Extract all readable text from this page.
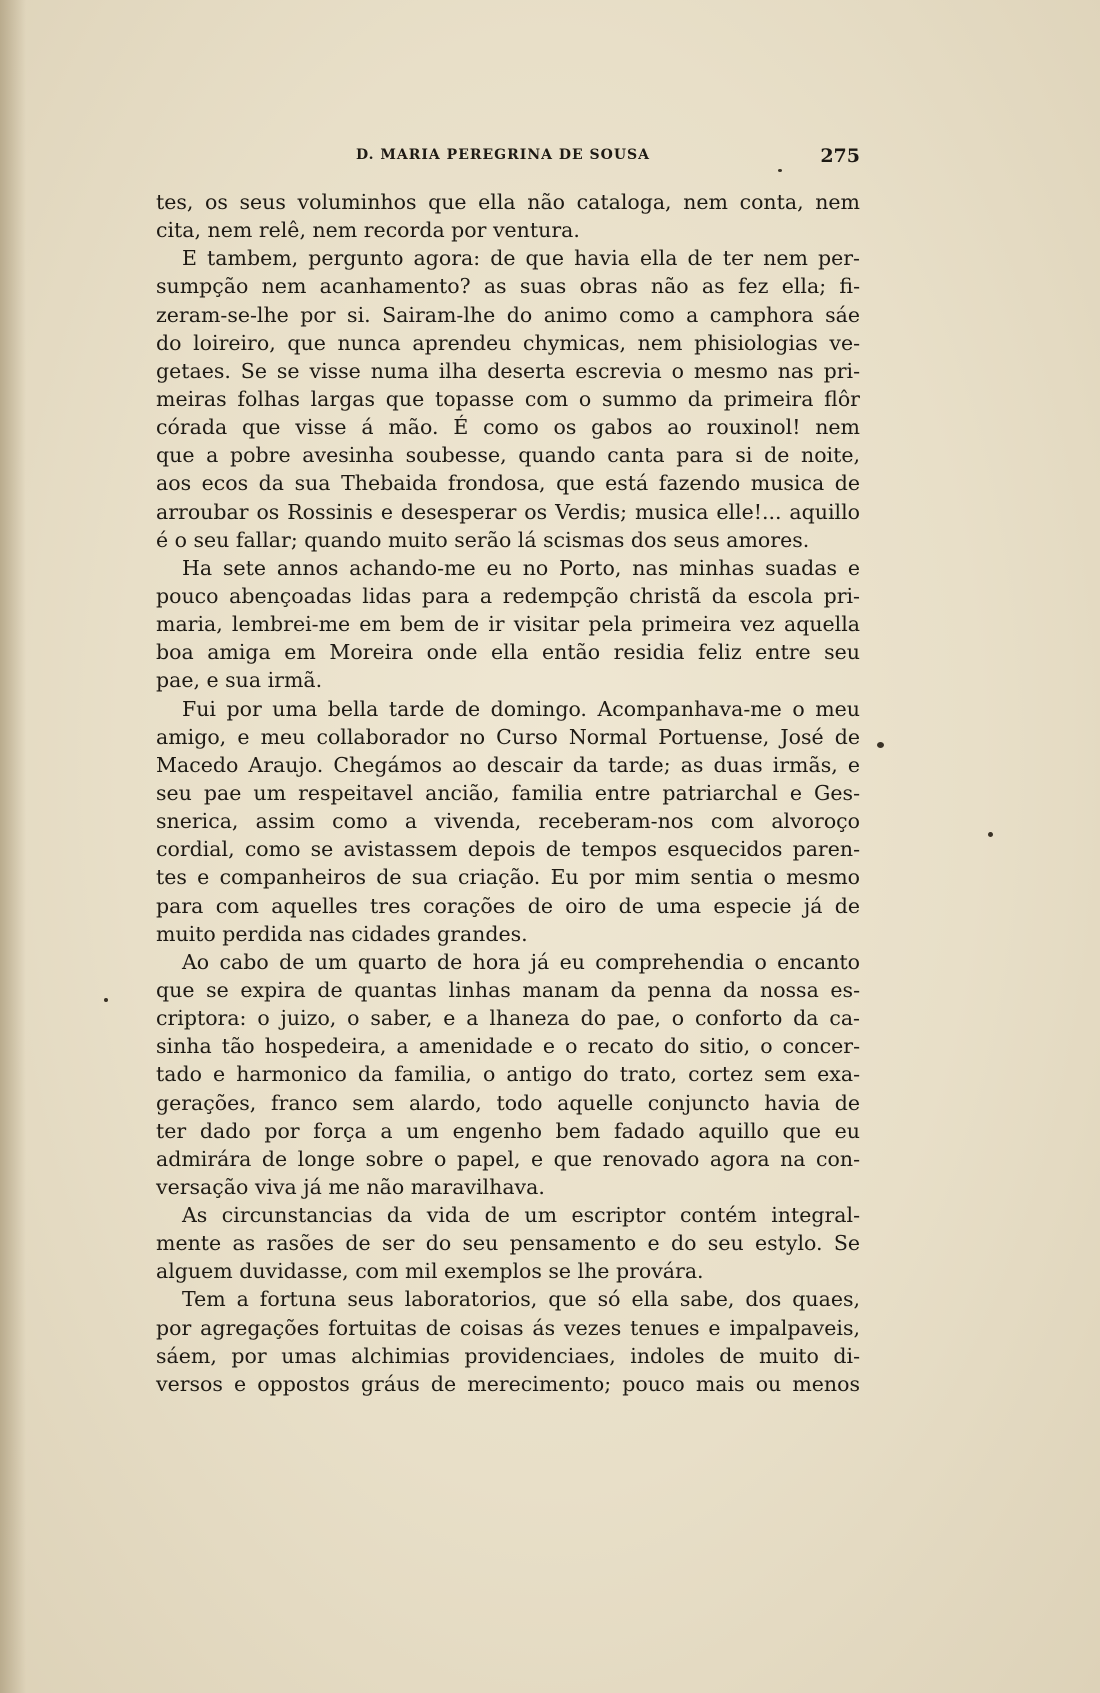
D. MARIA PEREGRINA DE SOUSA	275
tes, os seus voluminhos que ella não cataloga, nem conta, nem
cita, nem relê, nem recorda por ventura.
E tambem, pergunto agora: de que havia ella de ter nem per-
sumpção nem acanhamento? as suas obras não as fez ella; fi-
zeram-se-lhe por si. Sairam-lhe do animo como a camphora sáe
do loireiro, que nunca aprendeu chymicas, nem phisiologias ve-
getaes. Se se visse numa ilha deserta escrevia o mesmo nas pri-
meiras folhas largas que topasse com o summo da primeira flôr
córada que visse á mão. É como os gabos ao rouxinol! nem
que a pobre avesinha soubesse, quando canta para si de noite,
aos ecos da sua Thebaida frondosa, que está fazendo musica de
arroubar os Rossinis e desesperar os Verdis; musica elle!... aquillo
é o seu fallar; quando muito serão lá scismas dos seus amores.
Ha sete annos achando-me eu no Porto, nas minhas suadas e
pouco abençoadas lidas para a redempção christã da escola pri-
maria, lembrei-me em bem de ir visitar pela primeira vez aquella
boa amiga em Moreira onde ella então residia feliz entre seu
pae, e sua irmã.
Fui por uma bella tarde de domingo. Acompanhava-me o meu
amigo, e meu collaborador no Curso Normal Portuense, José de
Macedo Araujo. Chegámos ao descair da tarde; as duas irmãs, e
seu pae um respeitavel ancião, familia entre patriarchal e Ges-
snerica, assim como a vivenda, receberam-nos com alvoroço
cordial, como se avistassem depois de tempos esquecidos paren-
tes e companheiros de sua criação. Eu por mim sentia o mesmo
para com aquelles tres corações de oiro de uma especie já de
muito perdida nas cidades grandes.
Ao cabo de um quarto de hora já eu comprehendia o encanto
que se expira de quantas linhas manam da penna da nossa es-
criptora: o juizo, o saber, e a lhaneza do pae, o conforto da ca-
sinha tão hospedeira, a amenidade e o recato do sitio, o concer-
tado e harmonico da familia, o antigo do trato, cortez sem exa-
gerações, franco sem alardo, todo aquelle conjuncto havia de
ter dado por força a um engenho bem fadado aquillo que eu
admirára de longe sobre o papel, e que renovado agora na con-
versação viva já me não maravilhava.
As circunstancias da vida de um escriptor contém integral-
mente as rasões de ser do seu pensamento e do seu estylo. Se
alguem duvidasse, com mil exemplos se lhe provára.
Tem a fortuna seus laboratorios, que só ella sabe, dos quaes,
por agregações fortuitas de coisas ás vezes tenues e impalpaveis,
sáem, por umas alchimias providenciaes, indoles de muito di-
versos e oppostos gráus de merecimento; pouco mais ou menos
